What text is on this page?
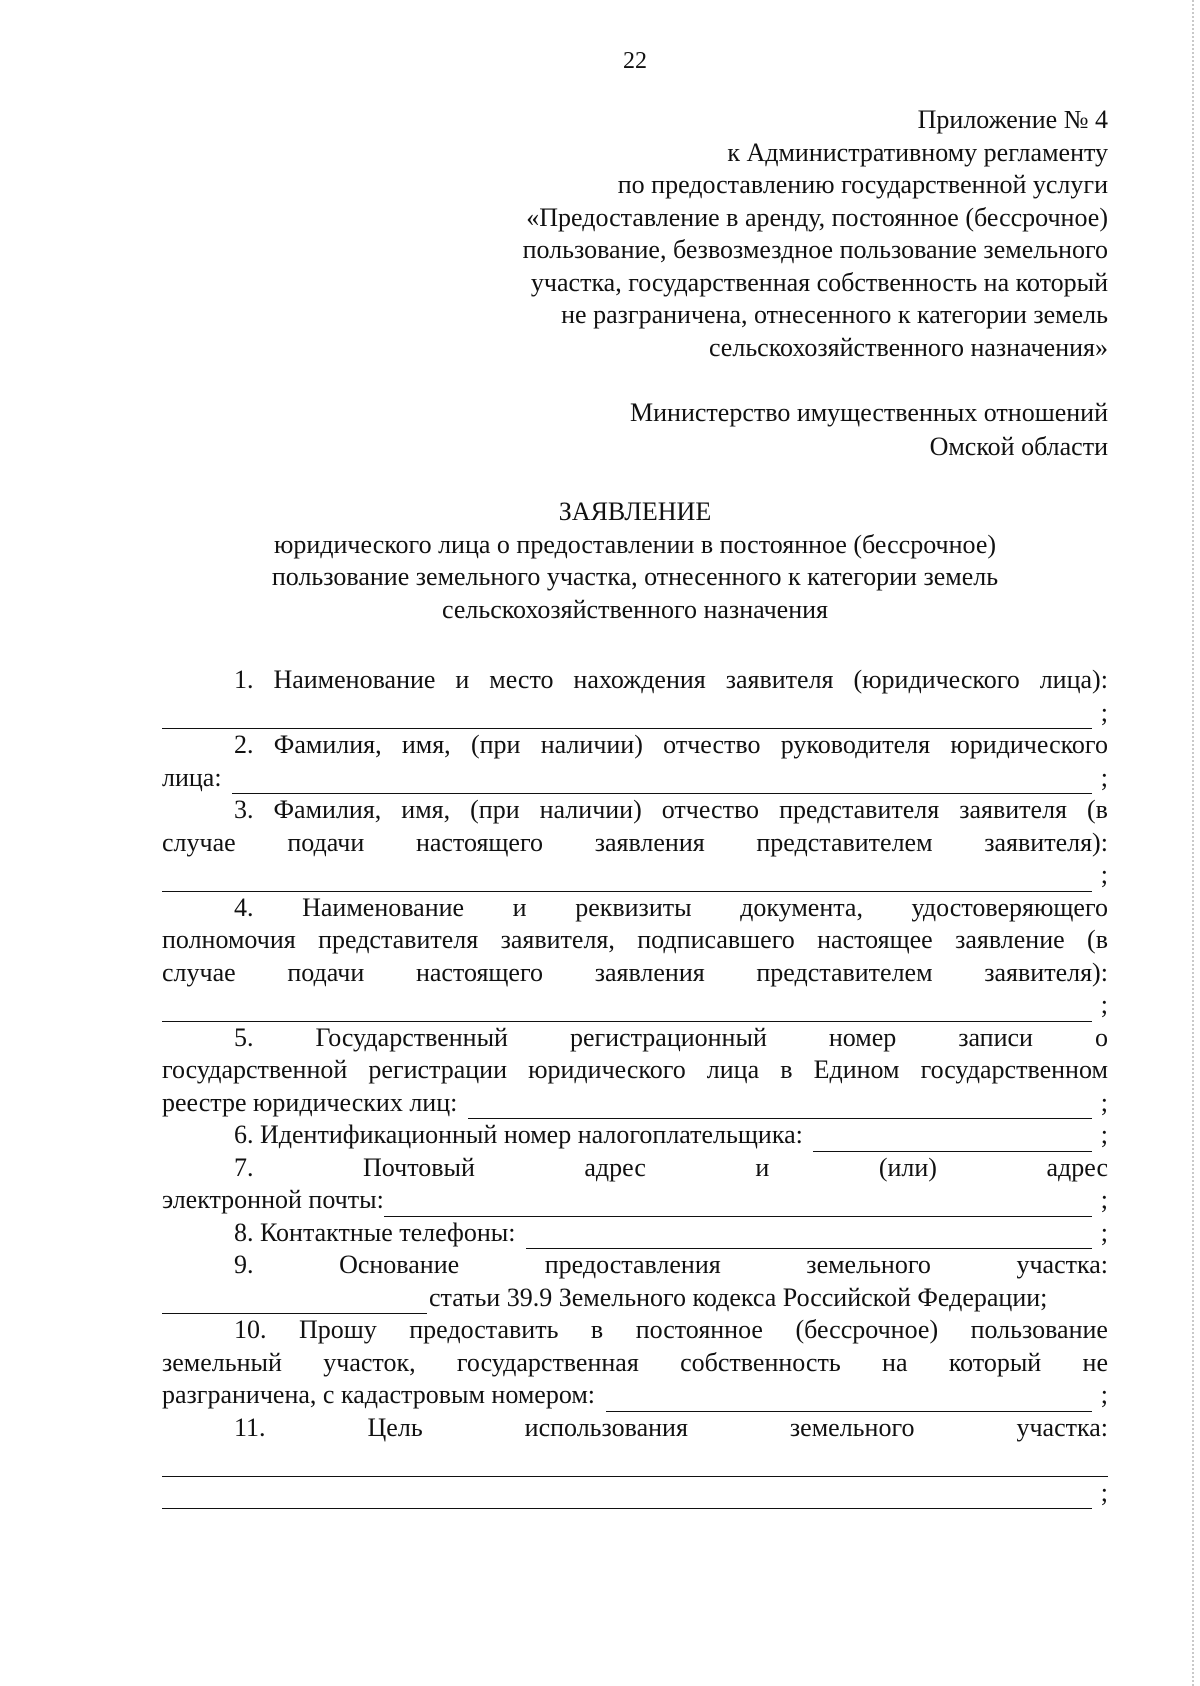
22
Приложение № 4
к Административному регламенту
по предоставлению государственной услуги
«Предоставление в аренду, постоянное (бессрочное)
пользование, безвозмездное пользование земельного
участка, государственная собственность на который
не разграничена, отнесенного к категории земель
сельскохозяйственного назначения»
Министерство имущественных отношений
Омской области
ЗАЯВЛЕНИЕ
юридического лица о предоставлении в постоянное (бессрочное)
пользование земельного участка, отнесенного к категории земель
сельскохозяйственного назначения
1. Наименование и место нахождения заявителя (юридического лица):
;
2. Фамилия, имя, (при наличии) отчество руководителя юридического
лица:	;
3. Фамилия, имя, (при наличии) отчество представителя заявителя (в
случае подачи настоящего заявления представителем заявителя):
;
4. Наименование и реквизиты документа, удостоверяющего
полномочия представителя заявителя, подписавшего настоящее заявление (в
случае подачи настоящего заявления представителем заявителя):
;
5. Государственный регистрационный номер записи о
государственной регистрации юридического лица в Едином государственном
реестре юридических лиц:	;
6. Идентификационный номер налогоплательщика:	;
7.	Почтовый	адрес	и	(или)	адрес
электронной почты:	;
8. Контактные телефоны:	;
9.	Основание	предоставления	земельного	участка:
статьи 39.9 Земельного кодекса Российской Федерации;
10. Прошу предоставить в постоянное (бессрочное) пользование
земельный участок, государственная собственность на который не
разграничена, с кадастровым номером:	;
11.	Цель	использования	земельного	участка:
;
